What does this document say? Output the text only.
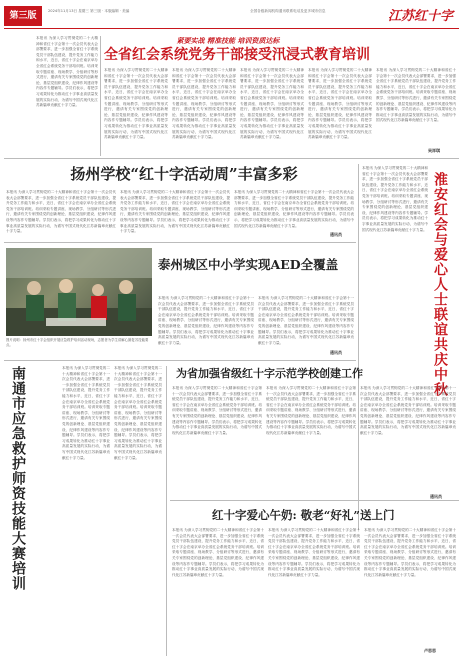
第三版	江苏红十字
2024年11月13日 星期三 第三版 · 本版编辑 · 美编	全国各级新闻机构通讯联系电话及更多城市信息
本报讯 为深入学习贯彻党的二十大精神和省红十字会第十一次会员代表大会部署要求，进一步加强全省红十字系统党员干部队伍建设，提升党务工作能力和水平，近日，省红十字会在南京举办全省红会系统党务干部培训班。培训采取专题讲座、现场教学、分组研讨等形式进行，邀请有关专家围绕党的创新理论、基层党组织建设、纪律作风建设等内容作专题辅导。学员们表示，将把学习成果转化为推动红十字事业高质量发展的实际行动，为谱写中国式现代化江苏新篇章贡献红十字力量。
紧要实战 精准技能 培训资质达标
全省红会系统党务干部接受汛浸式教育培训
本报讯 为深入学习贯彻党的二十大精神和省红十字会第十一次会员代表大会部署要求，进一步加强全省红十字系统党员干部队伍建设，提升党务工作能力和水平，近日，省红十字会在南京举办全省红会系统党务干部培训班。培训采取专题讲座、现场教学、分组研讨等形式进行，邀请有关专家围绕党的创新理论、基层党组织建设、纪律作风建设等内容作专题辅导。学员们表示，将把学习成果转化为推动红十字事业高质量发展的实际行动，为谱写中国式现代化江苏新篇章贡献红十字力量。
本报讯 为深入学习贯彻党的二十大精神和省红十字会第十一次会员代表大会部署要求，进一步加强全省红十字系统党员干部队伍建设，提升党务工作能力和水平，近日，省红十字会在南京举办全省红会系统党务干部培训班。培训采取专题讲座、现场教学、分组研讨等形式进行，邀请有关专家围绕党的创新理论、基层党组织建设、纪律作风建设等内容作专题辅导。学员们表示，将把学习成果转化为推动红十字事业高质量发展的实际行动，为谱写中国式现代化江苏新篇章贡献红十字力量。
本报讯 为深入学习贯彻党的二十大精神和省红十字会第十一次会员代表大会部署要求，进一步加强全省红十字系统党员干部队伍建设，提升党务工作能力和水平，近日，省红十字会在南京举办全省红会系统党务干部培训班。培训采取专题讲座、现场教学、分组研讨等形式进行，邀请有关专家围绕党的创新理论、基层党组织建设、纪律作风建设等内容作专题辅导。学员们表示，将把学习成果转化为推动红十字事业高质量发展的实际行动，为谱写中国式现代化江苏新篇章贡献红十字力量。
本报讯 为深入学习贯彻党的二十大精神和省红十字会第十一次会员代表大会部署要求，进一步加强全省红十字系统党员干部队伍建设，提升党务工作能力和水平，近日，省红十字会在南京举办全省红会系统党务干部培训班。培训采取专题讲座、现场教学、分组研讨等形式进行，邀请有关专家围绕党的创新理论、基层党组织建设、纪律作风建设等内容作专题辅导。学员们表示，将把学习成果转化为推动红十字事业高质量发展的实际行动，为谱写中国式现代化江苏新篇章贡献红十字力量。
本报讯 为深入学习贯彻党的二十大精神和省红十字会第十一次会员代表大会部署要求，进一步加强全省红十字系统党员干部队伍建设，提升党务工作能力和水平，近日，省红十字会在南京举办全省红会系统党务干部培训班。培训采取专题讲座、现场教学、分组研讨等形式进行，邀请有关专家围绕党的创新理论、基层党组织建设、纪律作风建设等内容作专题辅导。学员们表示，将把学习成果转化为推动红十字事业高质量发展的实际行动，为谱写中国式现代化江苏新篇章贡献红十字力量。
吴祥琪
扬州学校“红十字活动周”丰富多彩
本报讯 为深入学习贯彻党的二十大精神和省红十字会第十一次会员代表大会部署要求，进一步加强全省红十字系统党员干部队伍建设，提升党务工作能力和水平，近日，省红十字会在南京举办全省红会系统党务干部培训班。培训采取专题讲座、现场教学、分组研讨等形式进行，邀请有关专家围绕党的创新理论、基层党组织建设、纪律作风建设等内容作专题辅导。学员们表示，将把学习成果转化为推动红十字事业高质量发展的实际行动，为谱写中国式现代化江苏新篇章贡献红十字力量。
本报讯 为深入学习贯彻党的二十大精神和省红十字会第十一次会员代表大会部署要求，进一步加强全省红十字系统党员干部队伍建设，提升党务工作能力和水平，近日，省红十字会在南京举办全省红会系统党务干部培训班。培训采取专题讲座、现场教学、分组研讨等形式进行，邀请有关专家围绕党的创新理论、基层党组织建设、纪律作风建设等内容作专题辅导。学员们表示，将把学习成果转化为推动红十字事业高质量发展的实际行动，为谱写中国式现代化江苏新篇章贡献红十字力量。
本报讯 为深入学习贯彻党的二十大精神和省红十字会第十一次会员代表大会部署要求，进一步加强全省红十字系统党员干部队伍建设，提升党务工作能力和水平，近日，省红十字会在南京举办全省红会系统党务干部培训班。培训采取专题讲座、现场教学、分组研讨等形式进行，邀请有关专家围绕党的创新理论、基层党组织建设、纪律作风建设等内容作专题辅导。学员们表示，将把学习成果转化为推动红十字事业高质量发展的实际行动，为谱写中国式现代化江苏新篇章贡献红十字力量。
通讯员
本报讯 为深入学习贯彻党的二十大精神和省红十字会第十一次会员代表大会部署要求，进一步加强全省红十字系统党员干部队伍建设，提升党务工作能力和水平，近日，省红十字会在南京举办全省红会系统党务干部培训班。培训采取专题讲座、现场教学、分组研讨等形式进行，邀请有关专家围绕党的创新理论、基层党组织建设、纪律作风建设等内容作专题辅导。学员们表示，将把学习成果转化为推动红十字事业高质量发展的实际行动，为谱写中国式现代化江苏新篇章贡献红十字力量。 淮安红会与爱心人士联谊共庆中秋
图片说明：扬州市红十字会组织开展应急救护培训活动现场，志愿者为学生讲解心肺复苏技能要点。
泰州城区中小学实现AED全覆盖
本报讯 为深入学习贯彻党的二十大精神和省红十字会第十一次会员代表大会部署要求，进一步加强全省红十字系统党员干部队伍建设，提升党务工作能力和水平，近日，省红十字会在南京举办全省红会系统党务干部培训班。培训采取专题讲座、现场教学、分组研讨等形式进行，邀请有关专家围绕党的创新理论、基层党组织建设、纪律作风建设等内容作专题辅导。学员们表示，将把学习成果转化为推动红十字事业高质量发展的实际行动，为谱写中国式现代化江苏新篇章贡献红十字力量。
本报讯 为深入学习贯彻党的二十大精神和省红十字会第十一次会员代表大会部署要求，进一步加强全省红十字系统党员干部队伍建设，提升党务工作能力和水平，近日，省红十字会在南京举办全省红会系统党务干部培训班。培训采取专题讲座、现场教学、分组研讨等形式进行，邀请有关专家围绕党的创新理论、基层党组织建设、纪律作风建设等内容作专题辅导。学员们表示，将把学习成果转化为推动红十字事业高质量发展的实际行动，为谱写中国式现代化江苏新篇章贡献红十字力量。
通讯员
南通市应急救护师资技能大赛培训	本报讯 为深入学习贯彻党的二十大精神和省红十字会第十一次会员代表大会部署要求，进一步加强全省红十字系统党员干部队伍建设，提升党务工作能力和水平，近日，省红十字会在南京举办全省红会系统党务干部培训班。培训采取专题讲座、现场教学、分组研讨等形式进行，邀请有关专家围绕党的创新理论、基层党组织建设、纪律作风建设等内容作专题辅导。学员们表示，将把学习成果转化为推动红十字事业高质量发展的实际行动，为谱写中国式现代化江苏新篇章贡献红十字力量。
本报讯 为深入学习贯彻党的二十大精神和省红十字会第十一次会员代表大会部署要求，进一步加强全省红十字系统党员干部队伍建设，提升党务工作能力和水平，近日，省红十字会在南京举办全省红会系统党务干部培训班。培训采取专题讲座、现场教学、分组研讨等形式进行，邀请有关专家围绕党的创新理论、基层党组织建设、纪律作风建设等内容作专题辅导。学员们表示，将把学习成果转化为推动红十字事业高质量发展的实际行动，为谱写中国式现代化江苏新篇章贡献红十字力量。
为省加强省级红十字示范学校创建工作
本报讯 为深入学习贯彻党的二十大精神和省红十字会第十一次会员代表大会部署要求，进一步加强全省红十字系统党员干部队伍建设，提升党务工作能力和水平，近日，省红十字会在南京举办全省红会系统党务干部培训班。培训采取专题讲座、现场教学、分组研讨等形式进行，邀请有关专家围绕党的创新理论、基层党组织建设、纪律作风建设等内容作专题辅导。学员们表示，将把学习成果转化为推动红十字事业高质量发展的实际行动，为谱写中国式现代化江苏新篇章贡献红十字力量。
本报讯 为深入学习贯彻党的二十大精神和省红十字会第十一次会员代表大会部署要求，进一步加强全省红十字系统党员干部队伍建设，提升党务工作能力和水平，近日，省红十字会在南京举办全省红会系统党务干部培训班。培训采取专题讲座、现场教学、分组研讨等形式进行，邀请有关专家围绕党的创新理论、基层党组织建设、纪律作风建设等内容作专题辅导。学员们表示，将把学习成果转化为推动红十字事业高质量发展的实际行动，为谱写中国式现代化江苏新篇章贡献红十字力量。
本报讯 为深入学习贯彻党的二十大精神和省红十字会第十一次会员代表大会部署要求，进一步加强全省红十字系统党员干部队伍建设，提升党务工作能力和水平，近日，省红十字会在南京举办全省红会系统党务干部培训班。培训采取专题讲座、现场教学、分组研讨等形式进行，邀请有关专家围绕党的创新理论、基层党组织建设、纪律作风建设等内容作专题辅导。学员们表示，将把学习成果转化为推动红十字事业高质量发展的实际行动，为谱写中国式现代化江苏新篇章贡献红十字力量。
通讯员
红十字爱心午奶: 敬老“好礼”送上门
本报讯 为深入学习贯彻党的二十大精神和省红十字会第十一次会员代表大会部署要求，进一步加强全省红十字系统党员干部队伍建设，提升党务工作能力和水平，近日，省红十字会在南京举办全省红会系统党务干部培训班。培训采取专题讲座、现场教学、分组研讨等形式进行，邀请有关专家围绕党的创新理论、基层党组织建设、纪律作风建设等内容作专题辅导。学员们表示，将把学习成果转化为推动红十字事业高质量发展的实际行动，为谱写中国式现代化江苏新篇章贡献红十字力量。
本报讯 为深入学习贯彻党的二十大精神和省红十字会第十一次会员代表大会部署要求，进一步加强全省红十字系统党员干部队伍建设，提升党务工作能力和水平，近日，省红十字会在南京举办全省红会系统党务干部培训班。培训采取专题讲座、现场教学、分组研讨等形式进行，邀请有关专家围绕党的创新理论、基层党组织建设、纪律作风建设等内容作专题辅导。学员们表示，将把学习成果转化为推动红十字事业高质量发展的实际行动，为谱写中国式现代化江苏新篇章贡献红十字力量。
本报讯 为深入学习贯彻党的二十大精神和省红十字会第十一次会员代表大会部署要求，进一步加强全省红十字系统党员干部队伍建设，提升党务工作能力和水平，近日，省红十字会在南京举办全省红会系统党务干部培训班。培训采取专题讲座、现场教学、分组研讨等形式进行，邀请有关专家围绕党的创新理论、基层党组织建设、纪律作风建设等内容作专题辅导。学员们表示，将把学习成果转化为推动红十字事业高质量发展的实际行动，为谱写中国式现代化江苏新篇章贡献红十字力量。
卢思思
